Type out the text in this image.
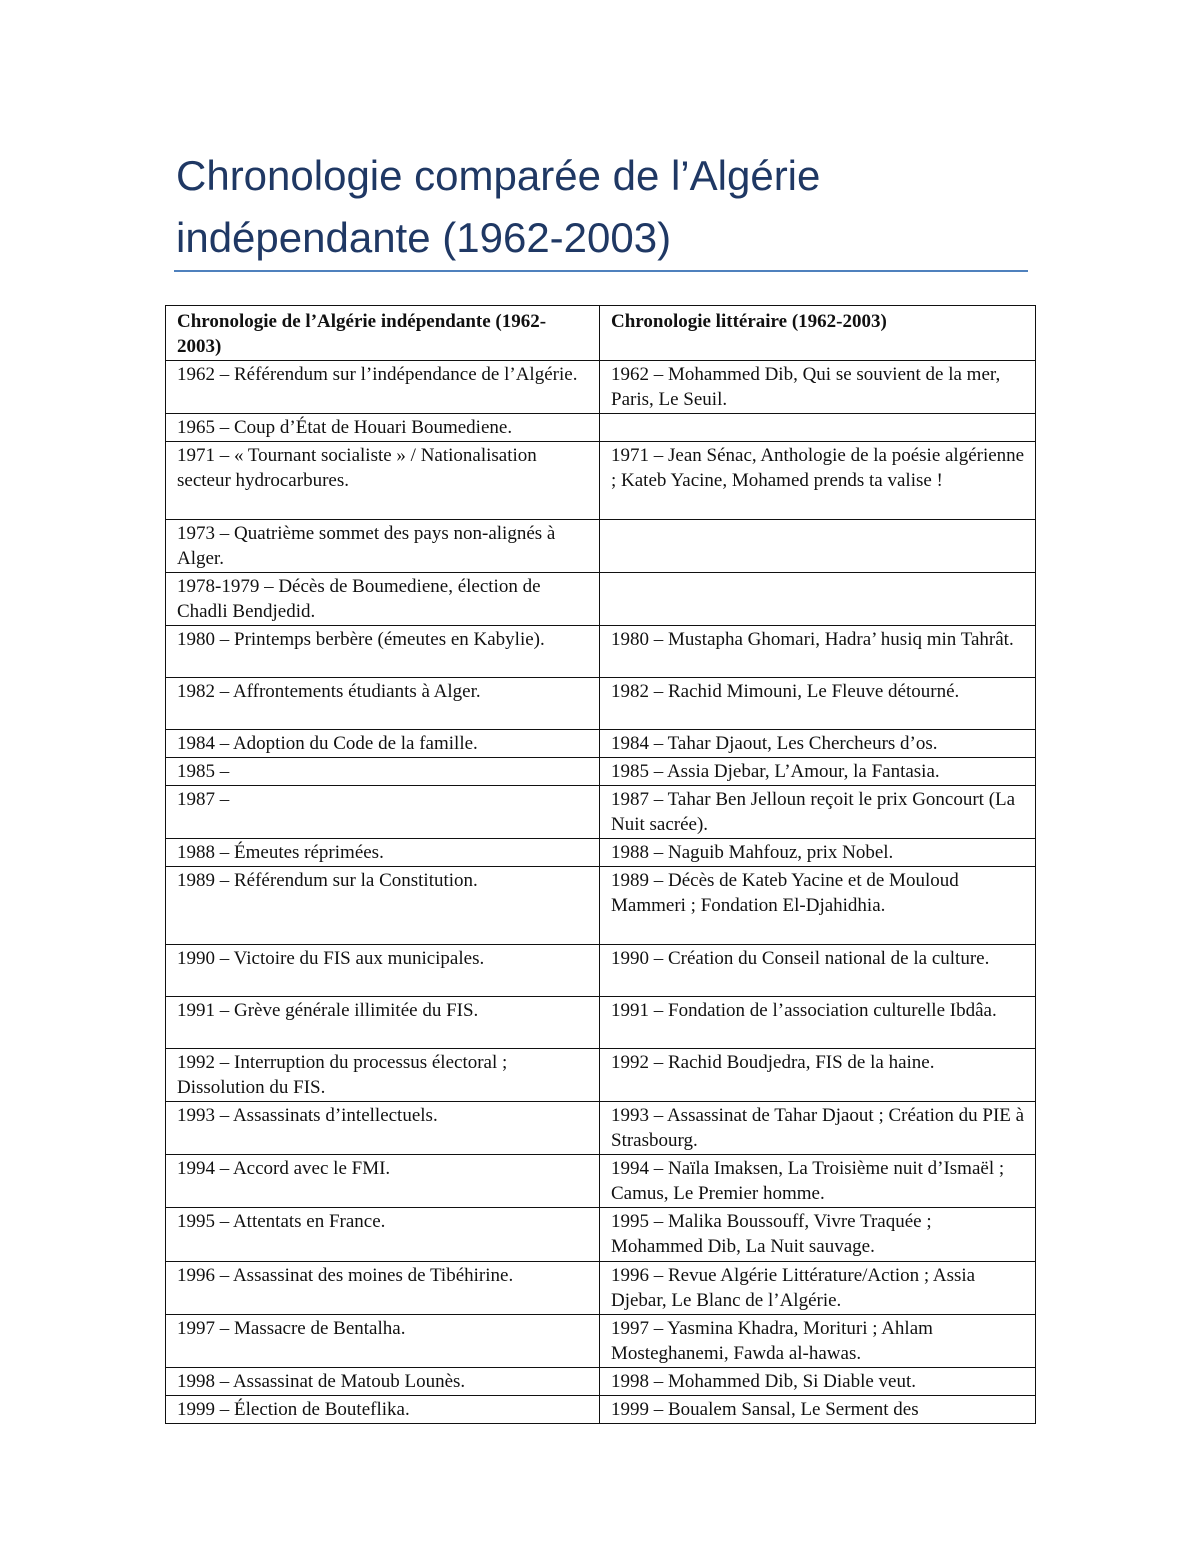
Chronologie comparée de l’Algérie indépendante (1962-2003)
Chronologie de l’Algérie indépendante (1962-2003)	Chronologie littéraire (1962-2003)
1962 – Référendum sur l’indépendance de l’Algérie.	1962 – Mohammed Dib, Qui se souvient de la mer, Paris, Le Seuil.
1965 – Coup d’État de Houari Boumediene.	
1971 – « Tournant socialiste » / Nationalisation secteur hydrocarbures.	1971 – Jean Sénac, Anthologie de la poésie algérienne ; Kateb Yacine, Mohamed prends ta valise !
1973 – Quatrième sommet des pays non-alignés à Alger.	
1978-1979 – Décès de Boumediene, élection de Chadli Bendjedid.	
1980 – Printemps berbère (émeutes en Kabylie).	1980 – Mustapha Ghomari, Hadra’ husiq min Tahrât.
1982 – Affrontements étudiants à Alger.	1982 – Rachid Mimouni, Le Fleuve détourné.
1984 – Adoption du Code de la famille.	1984 – Tahar Djaout, Les Chercheurs d’os.
1985 –	1985 – Assia Djebar, L’Amour, la Fantasia.
1987 –	1987 – Tahar Ben Jelloun reçoit le prix Goncourt (La Nuit sacrée).
1988 – Émeutes réprimées.	1988 – Naguib Mahfouz, prix Nobel.
1989 – Référendum sur la Constitution.	1989 – Décès de Kateb Yacine et de Mouloud Mammeri ; Fondation El-Djahidhia.
1990 – Victoire du FIS aux municipales.	1990 – Création du Conseil national de la culture.
1991 – Grève générale illimitée du FIS.	1991 – Fondation de l’association culturelle Ibdâa.
1992 – Interruption du processus électoral ; Dissolution du FIS.	1992 – Rachid Boudjedra, FIS de la haine.
1993 – Assassinats d’intellectuels.	1993 – Assassinat de Tahar Djaout ; Création du PIE à Strasbourg.
1994 – Accord avec le FMI.	1994 – Naïla Imaksen, La Troisième nuit d’Ismaël ; Camus, Le Premier homme.
1995 – Attentats en France.	1995 – Malika Boussouff, Vivre Traquée ; Mohammed Dib, La Nuit sauvage.
1996 – Assassinat des moines de Tibéhirine.	1996 – Revue Algérie Littérature/Action ; Assia Djebar, Le Blanc de l’Algérie.
1997 – Massacre de Bentalha.	1997 – Yasmina Khadra, Morituri ; Ahlam Mosteghanemi, Fawda al-hawas.
1998 – Assassinat de Matoub Lounès.	1998 – Mohammed Dib, Si Diable veut.
1999 – Élection de Bouteflika.	1999 – Boualem Sansal, Le Serment des
